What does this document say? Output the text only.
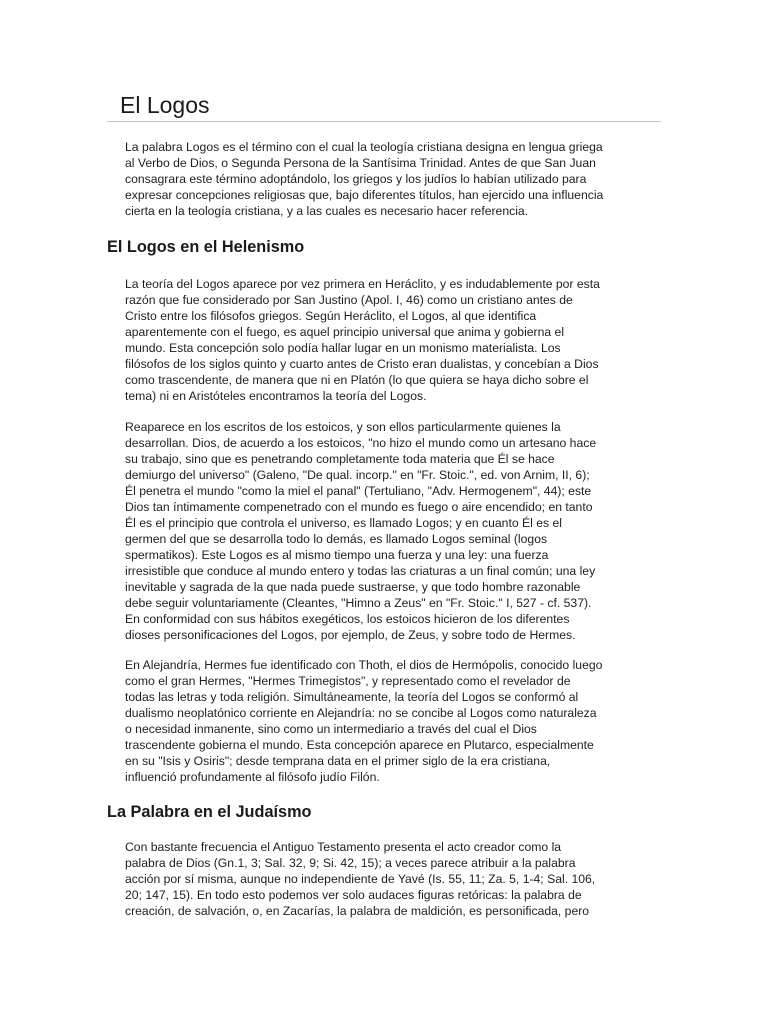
El Logos

La palabra Logos es el término con el cual la teología cristiana designa en lengua griega
al Verbo de Dios, o Segunda Persona de la Santísima Trinidad. Antes de que San Juan
consagrara este término adoptándolo, los griegos y los judíos lo habían utilizado para
expresar concepciones religiosas que, bajo diferentes títulos, han ejercido una influencia
cierta en la teología cristiana, y a las cuales es necesario hacer referencia.

El Logos en el Helenismo

La teoría del Logos aparece por vez primera en Heráclito, y es indudablemente por esta
razón que fue considerado por San Justino (Apol. I, 46) como un cristiano antes de
Cristo entre los filósofos griegos. Según Heráclito, el Logos, al que identifica
aparentemente con el fuego, es aquel principio universal que anima y gobierna el
mundo. Esta concepción solo podía hallar lugar en un monismo materialista. Los
filósofos de los siglos quinto y cuarto antes de Cristo eran dualistas, y concebían a Dios
como trascendente, de manera que ni en Platón (lo que quiera se haya dicho sobre el
tema) ni en Aristóteles encontramos la teoría del Logos.

Reaparece en los escritos de los estoicos, y son ellos particularmente quienes la
desarrollan. Dios, de acuerdo a los estoicos, "no hizo el mundo como un artesano hace
su trabajo, sino que es penetrando completamente toda materia que Él se hace
demiurgo del universo" (Galeno, "De qual. incorp." en "Fr. Stoic.", ed. von Arnim, II, 6);
Él penetra el mundo "como la miel el panal" (Tertuliano, "Adv. Hermogenem", 44); este
Dios tan íntimamente compenetrado con el mundo es fuego o aire encendido; en tanto
Él es el principio que controla el universo, es llamado Logos; y en cuanto Él es el
germen del que se desarrolla todo lo demás, es llamado Logos seminal (logos
spermatikos). Este Logos es al mismo tiempo una fuerza y una ley: una fuerza
irresistible que conduce al mundo entero y todas las criaturas a un final común; una ley
inevitable y sagrada de la que nada puede sustraerse, y que todo hombre razonable
debe seguir voluntariamente (Cleantes, "Himno a Zeus" en "Fr. Stoic." I, 527 - cf. 537).
En conformidad con sus hábitos exegéticos, los estoicos hicieron de los diferentes
dioses personificaciones del Logos, por ejemplo, de Zeus, y sobre todo de Hermes.

En Alejandría, Hermes fue identificado con Thoth, el dios de Hermópolis, conocido luego
como el gran Hermes, "Hermes Trimegistos", y representado como el revelador de
todas las letras y toda religión. Simultáneamente, la teoría del Logos se conformó al
dualismo neoplatónico corriente en Alejandría: no se concibe al Logos como naturaleza
o necesidad inmanente, sino como un intermediario a través del cual el Dios
trascendente gobierna el mundo. Esta concepción aparece en Plutarco, especialmente
en su "Isis y Osiris"; desde temprana data en el primer siglo de la era cristiana,
influenció profundamente al filósofo judío Filón.

La Palabra en el Judaísmo

Con bastante frecuencia el Antiguo Testamento presenta el acto creador como la
palabra de Dios (Gn.1, 3; Sal. 32, 9; Si. 42, 15); a veces parece atribuir a la palabra
acción por sí misma, aunque no independiente de Yavé (Is. 55, 11; Za. 5, 1-4; Sal. 106,
20; 147, 15). En todo esto podemos ver solo audaces figuras retóricas: la palabra de
creación, de salvación, o, en Zacarías, la palabra de maldición, es personificada, pero
